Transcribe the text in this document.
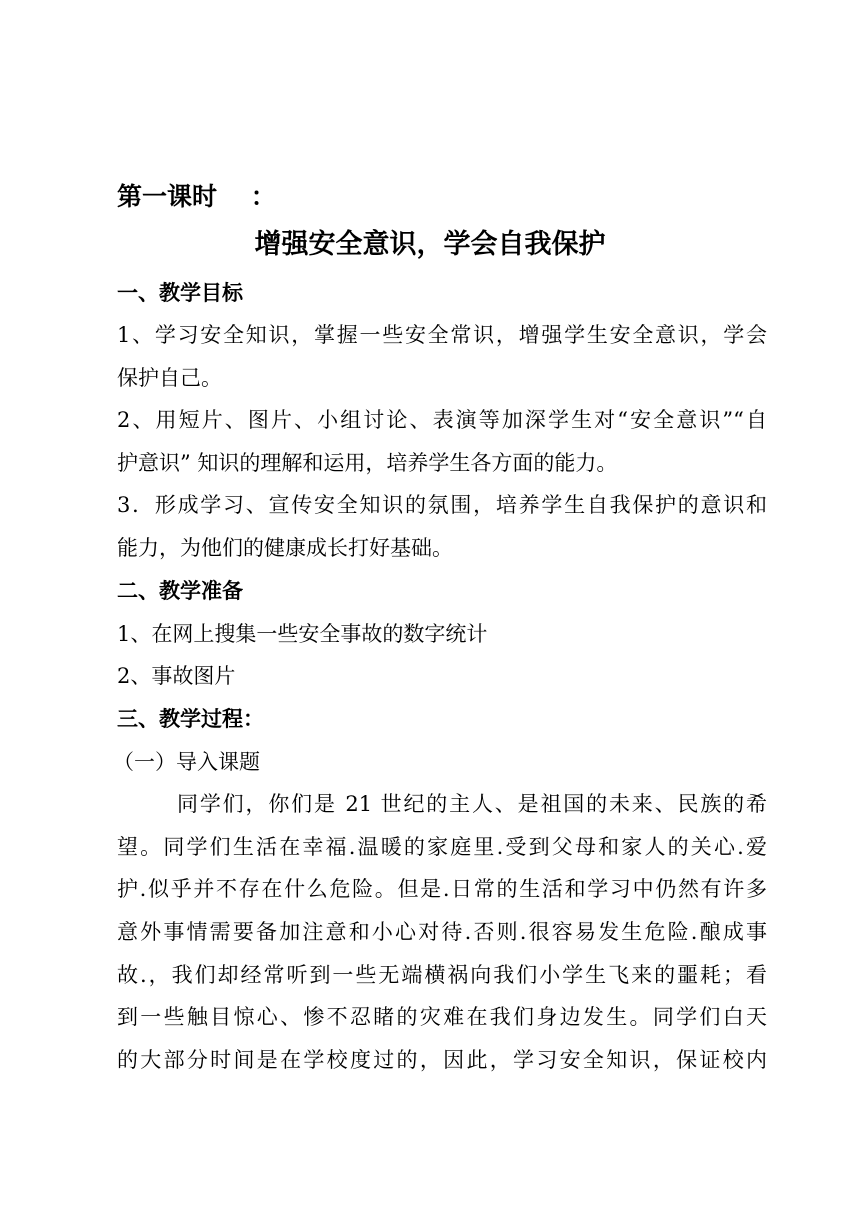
第一课时　 ：
增强安全意识，学会自我保护
一、教学目标
1、学习安全知识，掌握一些安全常识，增强学生安全意识，学会
保护自己。
2、用短片、图片、小组讨论、表演等加深学生对“安全意识”“自
护意识” 知识的理解和运用，培养学生各方面的能力。
3．形成学习、宣传安全知识的氛围，培养学生自我保护的意识和
能力，为他们的健康成长打好基础。
二、教学准备
1、在网上搜集一些安全事故的数字统计
2、事故图片
三、教学过程：
（一）导入课题
同学们，你们是 21 世纪的主人、是祖国的未来、民族的希
望。同学们生活在幸福.温暖的家庭里.受到父母和家人的关心.爱
护.似乎并不存在什么危险。但是.日常的生活和学习中仍然有许多
意外事情需要备加注意和小心对待.否则.很容易发生危险.酿成事
故.，我们却经常听到一些无端横祸向我们小学生飞来的噩耗；看
到一些触目惊心、惨不忍睹的灾难在我们身边发生。同学们白天
的大部分时间是在学校度过的，因此，学习安全知识，保证校内
